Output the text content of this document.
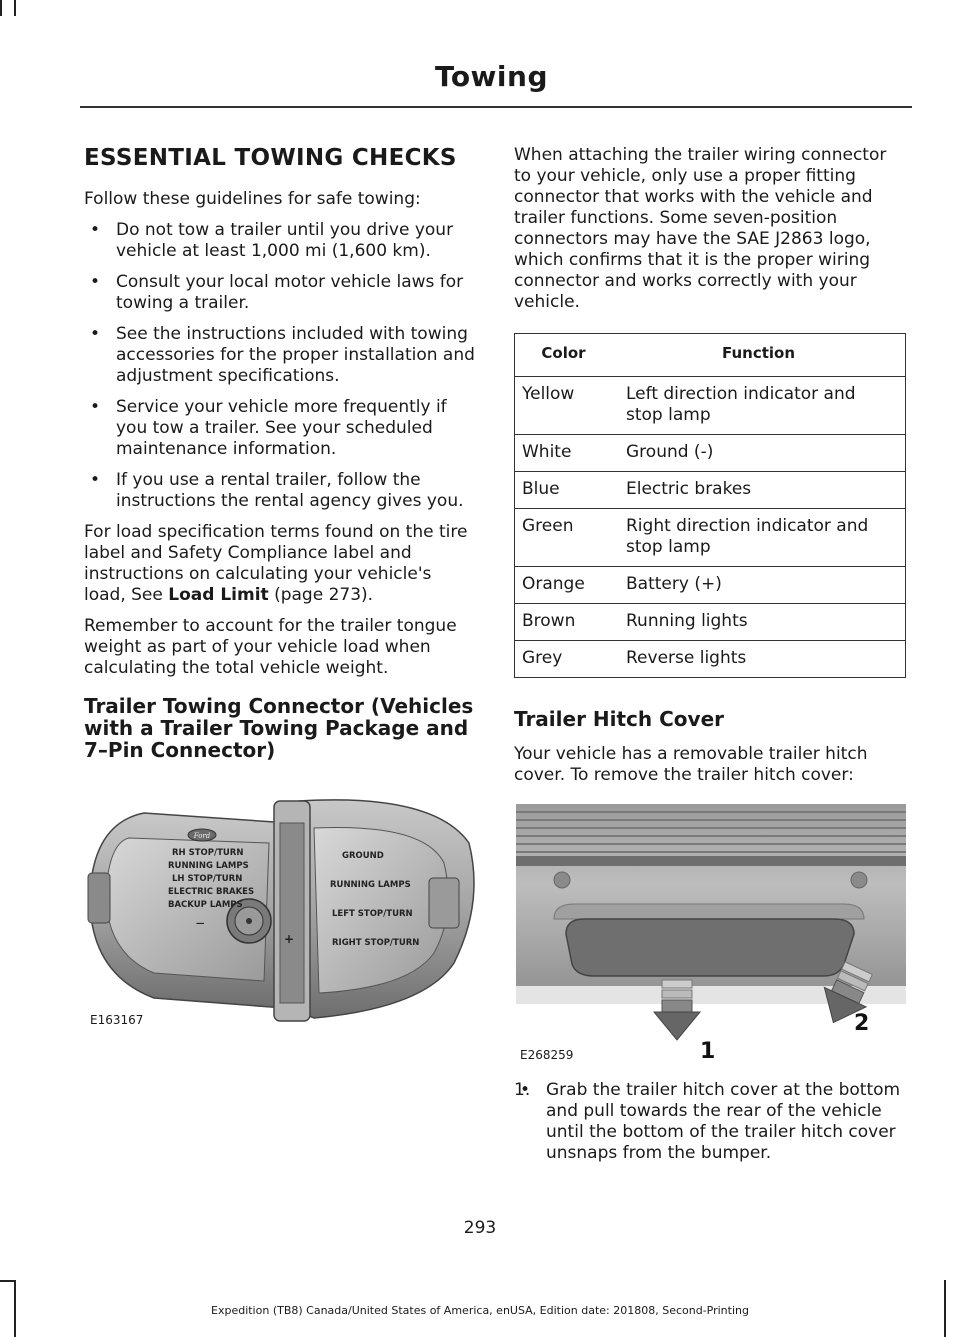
Towing
ESSENTIAL TOWING CHECKS

Follow these guidelines for safe towing:

• Do not tow a trailer until you drive your vehicle at least 1,000 mi (1,600 km).
• Consult your local motor vehicle laws for towing a trailer.
• See the instructions included with towing accessories for the proper installation and adjustment specifications.
• Service your vehicle more frequently if you tow a trailer. See your scheduled maintenance information.
• If you use a rental trailer, follow the instructions the rental agency gives you.

For load specification terms found on the tire label and Safety Compliance label and instructions on calculating your vehicle's load, See Load Limit (page 273).

Remember to account for the trailer tongue weight as part of your vehicle load when calculating the total vehicle weight.

Trailer Towing Connector (Vehicles with a Trailer Towing Package and 7–Pin Connector)
Ford
RH STOP/TURN
RUNNING LAMPS
LH STOP/TURN
ELECTRIC BRAKES
BACKUP LAMPS
—
+
GROUND
RUNNING LAMPS
LEFT STOP/TURN
RIGHT STOP/TURN
E163167

When attaching the trailer wiring connector to your vehicle, only use a proper fitting connector that works with the vehicle and trailer functions. Some seven-position connectors may have the SAE J2863 logo, which confirms that it is the proper wiring connector and works correctly with your vehicle.

Color	Function
Yellow	Left direction indicator and stop lamp
White	Ground (-)
Blue	Electric brakes
Green	Right direction indicator and stop lamp
Orange	Battery (+)
Brown	Running lights
Grey	Reverse lights
Trailer Hitch Cover

Your vehicle has a removable trailer hitch cover. To remove the trailer hitch cover:

1
2
E268259
• 1. Grab the trailer hitch cover at the bottom and pull towards the rear of the vehicle until the bottom of the trailer hitch cover unsnaps from the bumper.
293
Expedition (TB8) Canada/United States of America, enUSA, Edition date: 201808, Second-Printing
